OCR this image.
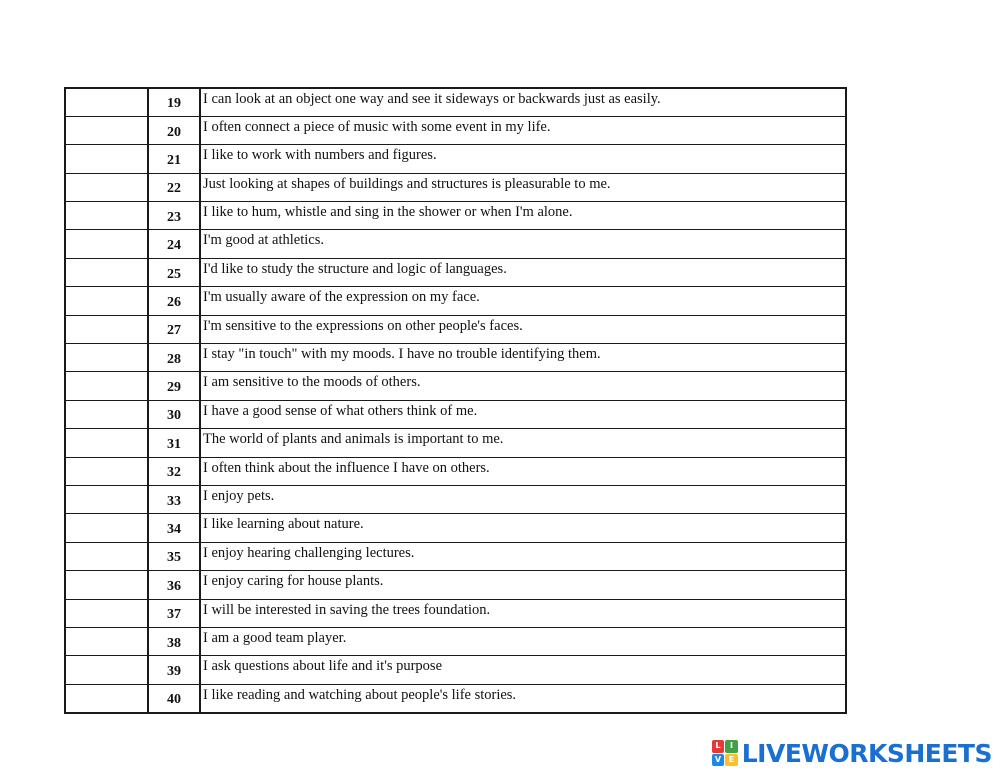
	19	I can look at an object one way and see it sideways or backwards just as easily.
	20	I often connect a piece of music with some event in my life.
	21	I like to work with numbers and figures.
	22	Just looking at shapes of buildings and structures is pleasurable to me.
	23	I like to hum, whistle and sing in the shower or when I'm alone.
	24	I'm good at athletics.
	25	I'd like to study the structure and logic of languages.
	26	I'm usually aware of the expression on my face.
	27	I'm sensitive to the expressions on other people's faces.
	28	I stay "in touch" with my moods. I have no trouble identifying them.
	29	I am sensitive to the moods of others.
	30	I have a good sense of what others think of me.
	31	The world of plants and animals is important to me.
	32	I often think about the influence I have on others.
	33	I enjoy pets.
	34	I like learning about nature.
	35	I enjoy hearing challenging lectures.
	36	I enjoy caring for house plants.
	37	I will be interested in saving the trees foundation.
	38	I am a good team player.
	39	I ask questions about life and it's purpose
	40	I like reading and watching about people's life stories.
L	I
V E LIVEWORKSHEETS
